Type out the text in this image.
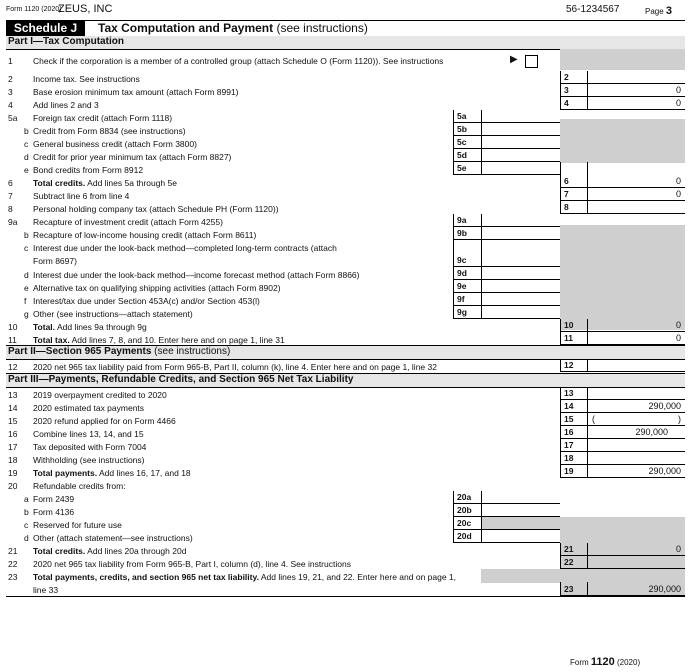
Form 1120 (2020)
ZEUS, INC	56-1234567	Page 3
Schedule J	Tax Computation and Payment (see instructions)
Part I—Tax Computation
1	Check if the corporation is a member of a controlled group (attach Schedule O (Form 1120)). See instructions	▶
2	Income tax. See instructions	2
3	Base erosion minimum tax amount (attach Form 8991)	3	0
4	Add lines 2 and 3	4	0
5a	Foreign tax credit (attach Form 1118)	5a
b Credit from Form 8834 (see instructions)	5b
c General business credit (attach Form 3800)	5c
d Credit for prior year minimum tax (attach Form 8827)	5d
e Bond credits from Form 8912	5e
6	Total credits. Add lines 5a through 5e	6	0
7	Subtract line 6 from line 4	7	0
8	Personal holding company tax (attach Schedule PH (Form 1120))	8
9a	Recapture of investment credit (attach Form 4255)	9a
b Recapture of low-income housing credit (attach Form 8611)	9b
c Interest due under the look-back method—completed long-term contracts (attach
Form 8697)	9c
d Interest due under the look-back method—income forecast method (attach Form 8866)	9d
e Alternative tax on qualifying shipping activities (attach Form 8902)	9e
f Interest/tax due under Section 453A(c) and/or Section 453(l)	9f
g Other (see instructions—attach statement)	9g
10	Total. Add lines 9a through 9g	10	0
11	Total tax. Add lines 7, 8, and 10. Enter here and on page 1, line 31	11	0
Part II—Section 965 Payments (see instructions)
12	2020 net 965 tax liability paid from Form 965-B, Part II, column (k), line 4. Enter here and on page 1, line 32	12
Part III—Payments, Refundable Credits, and Section 965 Net Tax Liability
13	2019 overpayment credited to 2020	13
14	2020 estimated tax payments	14	290,000
15	2020 refund applied for on Form 4466	15	(	)
16	Combine lines 13, 14, and 15	16	290,000
17	Tax deposited with Form 7004	17
18	Withholding (see instructions)	18
19	Total payments. Add lines 16, 17, and 18	19	290,000
20	Refundable credits from:
a Form 2439	20a
b Form 4136	20b
c Reserved for future use	20c
d Other (attach statement—see instructions)	20d
21	Total credits. Add lines 20a through 20d	21	0
22	2020 net 965 tax liability from Form 965-B, Part I, column (d), line 4. See instructions	22
23	Total payments, credits, and section 965 net tax liability. Add lines 19, 21, and 22. Enter here and on page 1,
line 33	23	290,000
Form 1120 (2020)
